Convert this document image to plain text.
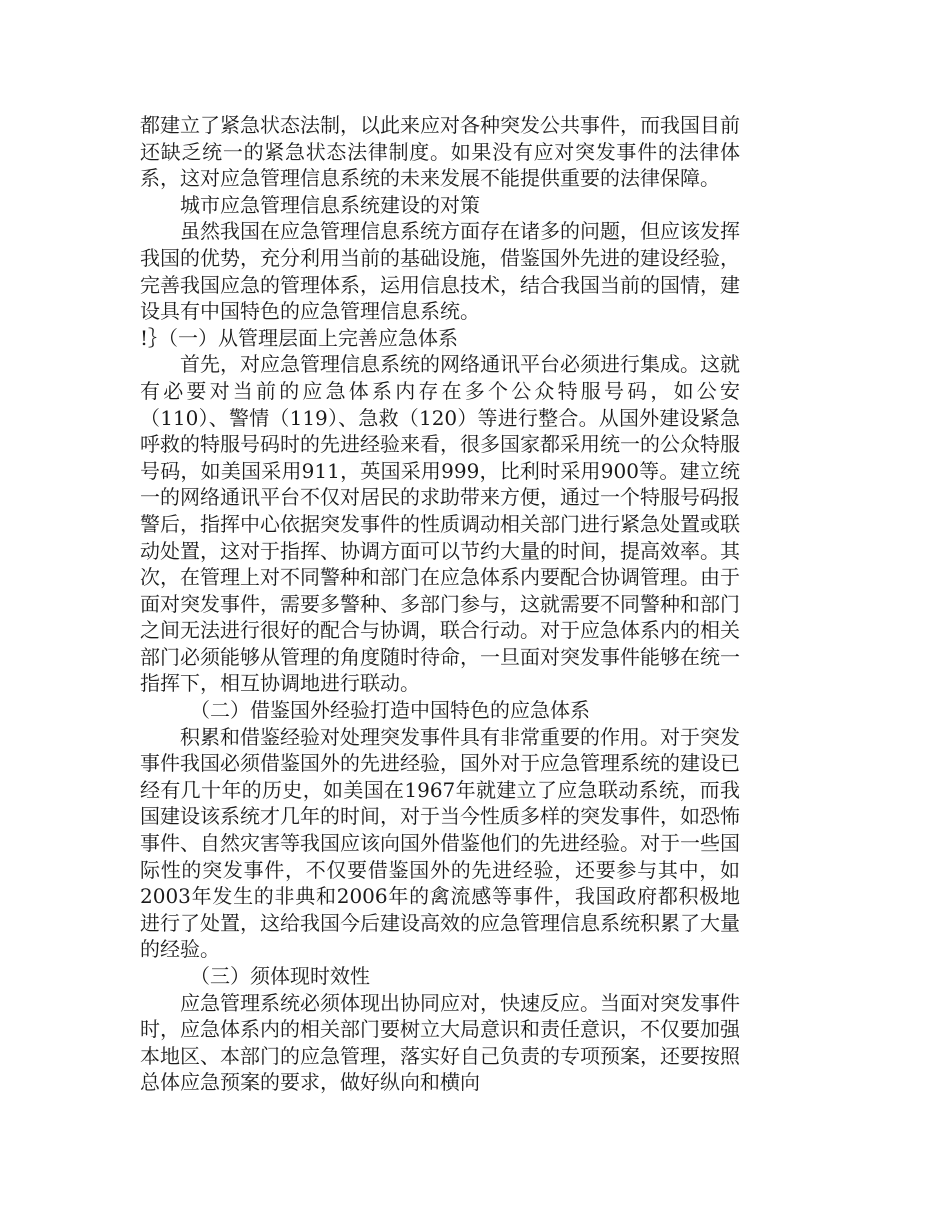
都建立了紧急状态法制，以此来应对各种突发公共事件，而我国目前还缺乏统一的紧急状态法律制度。如果没有应对突发事件的法律体系，这对应急管理信息系统的未来发展不能提供重要的法律保障。

城市应急管理信息系统建设的对策

虽然我国在应急管理信息系统方面存在诸多的问题，但应该发挥我国的优势，充分利用当前的基础设施，借鉴国外先进的建设经验，完善我国应急的管理体系，运用信息技术，结合我国当前的国情，建设具有中国特色的应急管理信息系统。

!｝（一）从管理层面上完善应急体系

首先，对应急管理信息系统的网络通讯平台必须进行集成。这就有必要对当前的应急体系内存在多个公众特服号码，如公安（110）、警情（119）、急救（120）等进行整合。从国外建设紧急呼救的特服号码时的先进经验来看，很多国家都采用统一的公众特服号码，如美国采用911，英国采用999，比利时采用900等。建立统一的网络通讯平台不仅对居民的求助带来方便，通过一个特服号码报警后，指挥中心依据突发事件的性质调动相关部门进行紧急处置或联动处置，这对于指挥、协调方面可以节约大量的时间，提高效率。其次，在管理上对不同警种和部门在应急体系内要配合协调管理。由于面对突发事件，需要多警种、多部门参与，这就需要不同警种和部门之间无法进行很好的配合与协调，联合行动。对于应急体系内的相关部门必须能够从管理的角度随时待命，一旦面对突发事件能够在统一指挥下，相互协调地进行联动。

（二）借鉴国外经验打造中国特色的应急体系

积累和借鉴经验对处理突发事件具有非常重要的作用。对于突发事件我国必须借鉴国外的先进经验，国外对于应急管理系统的建设已经有几十年的历史，如美国在1967年就建立了应急联动系统，而我国建设该系统才几年的时间，对于当今性质多样的突发事件，如恐怖事件、自然灾害等我国应该向国外借鉴他们的先进经验。对于一些国际性的突发事件，不仅要借鉴国外的先进经验，还要参与其中，如2003年发生的非典和2006年的禽流感等事件，我国政府都积极地进行了处置，这给我国今后建设高效的应急管理信息系统积累了大量的经验。

（三）须体现时效性

应急管理系统必须体现出协同应对，快速反应。当面对突发事件时，应急体系内的相关部门要树立大局意识和责任意识，不仅要加强本地区、本部门的应急管理，落实好自己负责的专项预案，还要按照总体应急预案的要求，做好纵向和横向
